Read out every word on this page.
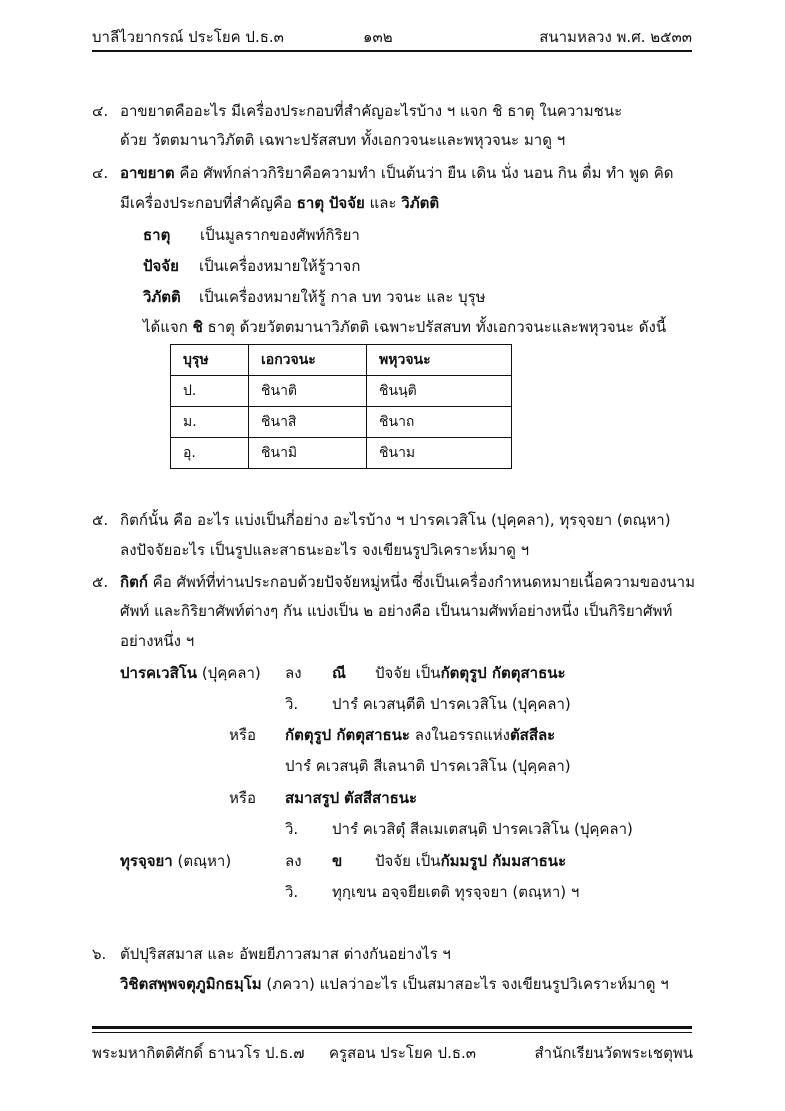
บาลีไวยากรณ์ ประโยค ป.ธ.๓	๑๓๒	สนามหลวง พ.ศ. ๒๕๓๓
๔. อาขยาตคืออะไร มีเครื่องประกอบที่สำคัญอะไรบ้าง ฯ แจก ชิ ธาตุ ในความชนะ
ด้วย วัตตมานาวิภัตติ เฉพาะปรัสสบท ทั้งเอกวจนะและพหุวจนะ มาดู ฯ
๔. อาขยาต คือ ศัพท์กล่าวกิริยาคือความทำ เป็นต้นว่า ยืน เดิน นั่ง นอน กิน ดื่ม ทำ พูด คิด
มีเครื่องประกอบที่สำคัญคือ ธาตุ ปัจจัย และ วิภัตติ
ธาตุ เป็นมูลรากของศัพท์กิริยา
ปัจจัย เป็นเครื่องหมายให้รู้วาจก
วิภัตติ เป็นเครื่องหมายให้รู้ กาล บท วจนะ และ บุรุษ
ได้แจก ชิ ธาตุ ด้วยวัตตมานาวิภัตติ เฉพาะปรัสสบท ทั้งเอกวจนะและพหุวจนะ ดังนี้
บุรุษ	เอกวจนะ	พหุวจนะ
ป.	ชินาติ	ชินนฺติ
ม.	ชินาสิ	ชินาถ
อุ.	ชินามิ	ชินาม
๕. กิตก์นั้น คือ อะไร แบ่งเป็นกี่อย่าง อะไรบ้าง ฯ ปารคเวสิโน (ปุคฺคลา), ทุรจฺจยา (ตณฺหา)
ลงปัจจัยอะไร เป็นรูปและสาธนะอะไร จงเขียนรูปวิเคราะห์มาดู ฯ
๕. กิตก์ คือ ศัพท์ที่ท่านประกอบด้วยปัจจัยหมู่หนึ่ง ซึ่งเป็นเครื่องกำหนดหมายเนื้อความของนาม
ศัพท์ และกิริยาศัพท์ต่างๆ กัน แบ่งเป็น ๒ อย่างคือ เป็นนามศัพท์อย่างหนึ่ง เป็นกิริยาศัพท์
อย่างหนึ่ง ฯ
ปารคเวสิโน (ปุคฺคลา) ลง ณี ปัจจัย เป็นกัตตุรูป กัตตุสาธนะ
วิ. ปารํ คเวสนฺตีติ ปารคเวสิโน (ปุคฺคลา)
หรือ กัตตุรูป กัตตุสาธนะ ลงในอรรถแห่งตัสสีละ
ปารํ คเวสนฺติ สีเลนาติ ปารคเวสิโน (ปุคฺคลา)
หรือ สมาสรูป ตัสสีสาธนะ
วิ. ปารํ คเวสิตุํ สีลเมเตสนฺติ ปารคเวสิโน (ปุคฺคลา)
ทุรจฺจยา (ตณฺหา)	ลง ข ปัจจัย เป็นกัมมรูป กัมมสาธนะ
วิ. ทุกฺเขน อจฺจยียเตติ ทุรจฺจยา (ตณฺหา) ฯ
๖. ตัปปุริสสมาส และ อัพยยีภาวสมาส ต่างกันอย่างไร ฯ
วิชิตสพฺพจตุภูมิกธมฺโม (ภควา) แปลว่าอะไร เป็นสมาสอะไร จงเขียนรูปวิเคราะห์มาดู ฯ
พระมหากิตติศักดิ์ ธานวโร ป.ธ.๗ ครูสอน ประโยค ป.ธ.๓	สำนักเรียนวัดพระเชตุพน
